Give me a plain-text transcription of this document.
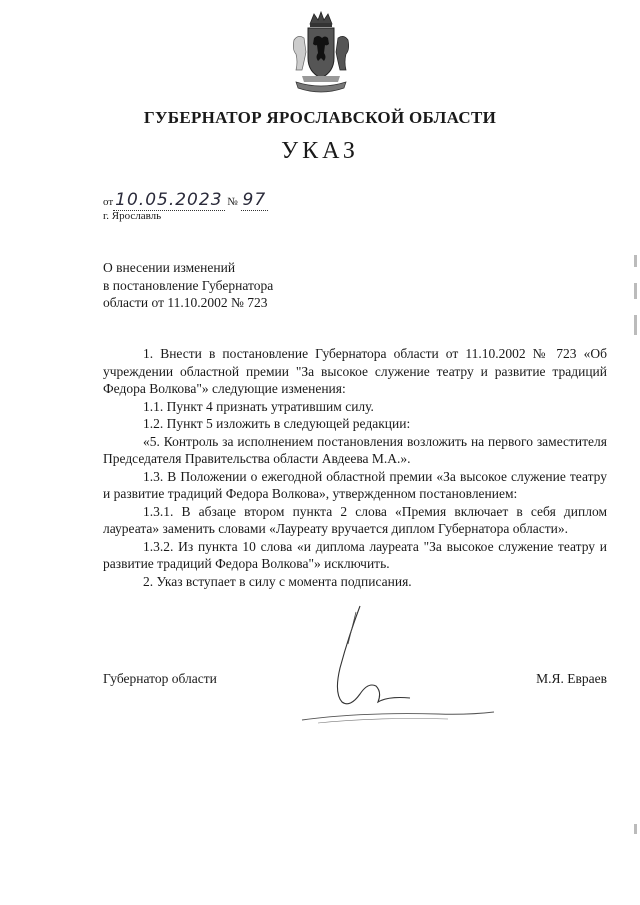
ГУБЕРНАТОР ЯРОСЛАВСКОЙ ОБЛАСТИ
УКАЗ
от 10.05.2023 № 97
г. Ярославль
О внесении изменений
в постановление Губернатора
области от 11.10.2002 № 723

1. Внести в постановление Губернатора области от 11.10.2002 № 723 «Об учреждении областной премии "За высокое служение театру и развитие традиций Федора Волкова"» следующие изменения:

1.1. Пункт 4 признать утратившим силу.

1.2. Пункт 5 изложить в следующей редакции:

«5. Контроль за исполнением постановления возложить на первого заместителя Председателя Правительства области Авдеева М.А.».

1.3. В Положении о ежегодной областной премии «За высокое служение театру и развитие традиций Федора Волкова», утвержденном постановлением:

1.3.1. В абзаце втором пункта 2 слова «Премия включает в себя диплом лауреата» заменить словами «Лауреату вручается диплом Губернатора области».

1.3.2. Из пункта 10 слова «и диплома лауреата "За высокое служение театру и развитие традиций Федора Волкова"» исключить.

2. Указ вступает в силу с момента подписания.

Губернатор области	М.Я. Евраев
